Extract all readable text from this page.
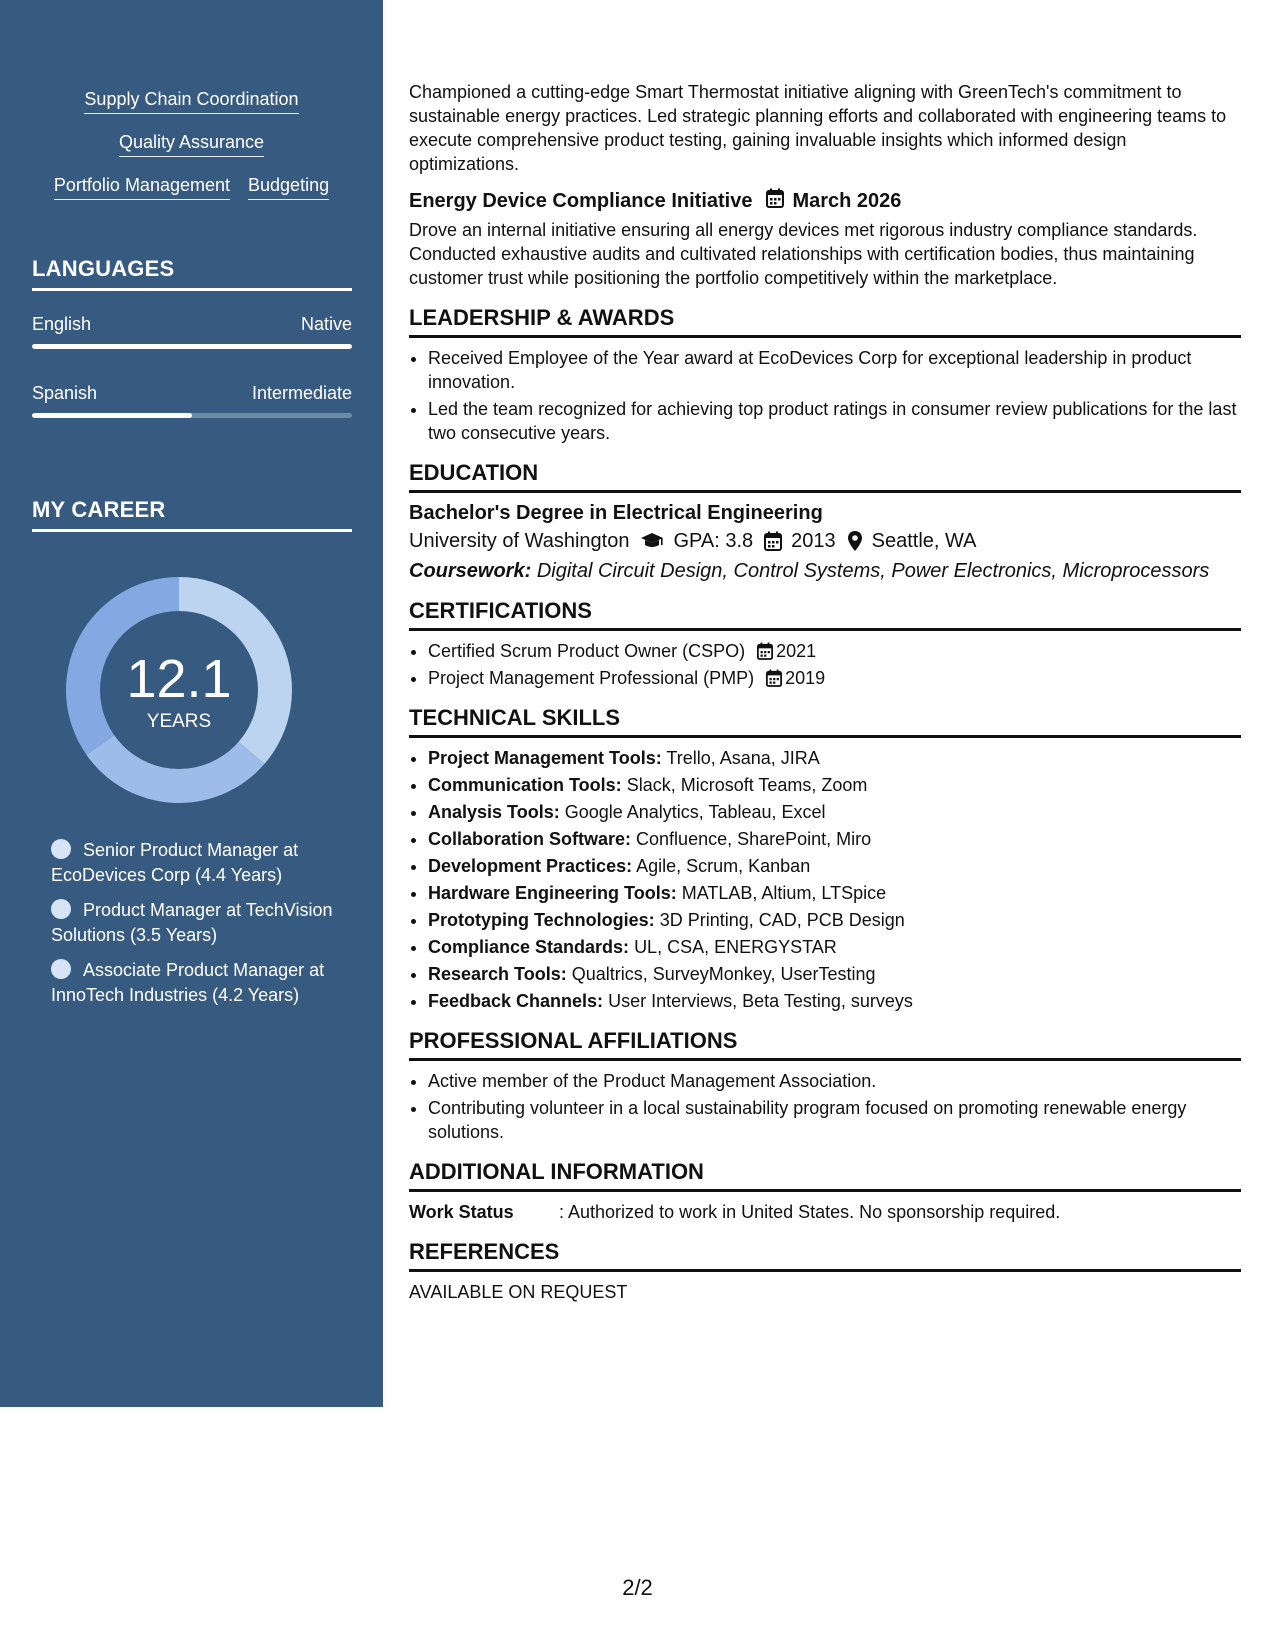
Supply Chain Coordination
Quality Assurance
Portfolio Management Budgeting
LANGUAGES
English	Native
Spanish	Intermediate
MY CAREER
12.1
YEARS
Senior Product Manager at EcoDevices Corp (4.4 Years)
Product Manager at TechVision Solutions (3.5 Years)
Associate Product Manager at InnoTech Industries (4.2 Years)

Championed a cutting-edge Smart Thermostat initiative aligning with GreenTech's commitment to sustainable energy practices. Led strategic planning efforts and collaborated with engineering teams to execute comprehensive product testing, gaining invaluable insights which informed design optimizations.

Energy Device Compliance Initiative March 2026

Drove an internal initiative ensuring all energy devices met rigorous industry compliance standards. Conducted exhaustive audits and cultivated relationships with certification bodies, thus maintaining customer trust while positioning the portfolio competitively within the marketplace.

LEADERSHIP & AWARDS
• Received Employee of the Year award at EcoDevices Corp for exceptional leadership in product innovation.
• Led the team recognized for achieving top product ratings in consumer review publications for the last two consecutive years.
EDUCATION
Bachelor's Degree in Electrical Engineering
University of Washington GPA: 3.8 2013 Seattle, WA
Coursework: Digital Circuit Design, Control Systems, Power Electronics, Microprocessors
CERTIFICATIONS
• Certified Scrum Product Owner (CSPO) 2021
• Project Management Professional (PMP) 2019
TECHNICAL SKILLS
• Project Management Tools: Trello, Asana, JIRA
• Communication Tools: Slack, Microsoft Teams, Zoom
• Analysis Tools: Google Analytics, Tableau, Excel
• Collaboration Software: Confluence, SharePoint, Miro
• Development Practices: Agile, Scrum, Kanban
• Hardware Engineering Tools: MATLAB, Altium, LTSpice
• Prototyping Technologies: 3D Printing, CAD, PCB Design
• Compliance Standards: UL, CSA, ENERGYSTAR
• Research Tools: Qualtrics, SurveyMonkey, UserTesting
• Feedback Channels: User Interviews, Beta Testing, surveys
PROFESSIONAL AFFILIATIONS
• Active member of the Product Management Association.
• Contributing volunteer in a local sustainability program focused on promoting renewable energy solutions.
ADDITIONAL INFORMATION
Work Status	: Authorized to work in United States. No sponsorship required.
REFERENCES
AVAILABLE ON REQUEST
2/2
